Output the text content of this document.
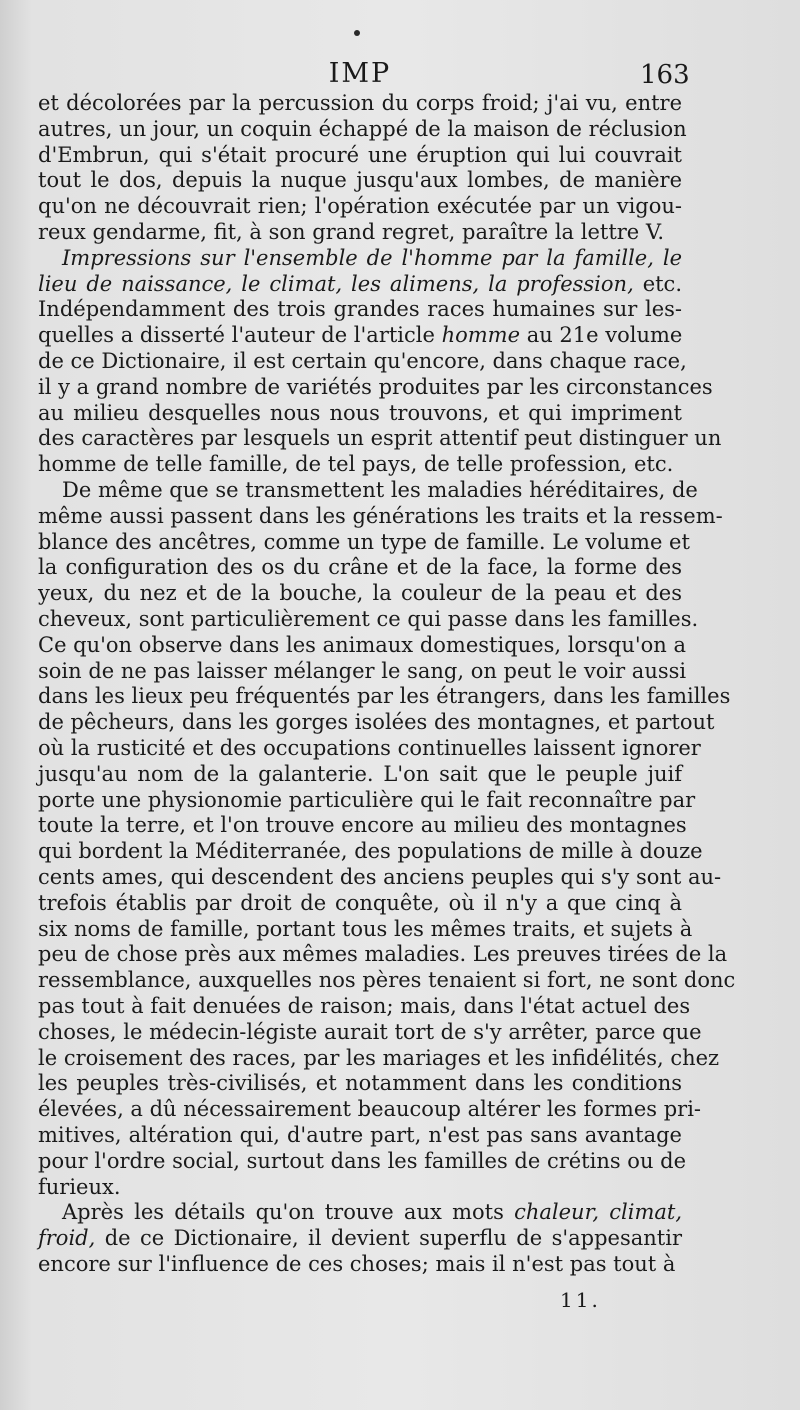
IMP	163
et décolorées par la percussion du corps froid; j'ai vu, entre
autres, un jour, un coquin échappé de la maison de réclusion
d'Embrun, qui s'était procuré une éruption qui lui couvrait
tout le dos, depuis la nuque jusqu'aux lombes, de manière
qu'on ne découvrait rien; l'opération exécutée par un vigou-
reux gendarme, fit, à son grand regret, paraître la lettre V.
Impressions sur l'ensemble de l'homme par la famille, le
lieu de naissance, le climat, les alimens, la profession, etc.
Indépendamment des trois grandes races humaines sur les-
quelles a disserté l'auteur de l'article homme au 21e volume
de ce Dictionaire, il est certain qu'encore, dans chaque race,
il y a grand nombre de variétés produites par les circonstances
au milieu desquelles nous nous trouvons, et qui impriment
des caractères par lesquels un esprit attentif peut distinguer un
homme de telle famille, de tel pays, de telle profession, etc.
De même que se transmettent les maladies héréditaires, de
même aussi passent dans les générations les traits et la ressem-
blance des ancêtres, comme un type de famille. Le volume et
la configuration des os du crâne et de la face, la forme des
yeux, du nez et de la bouche, la couleur de la peau et des
cheveux, sont particulièrement ce qui passe dans les familles.
Ce qu'on observe dans les animaux domestiques, lorsqu'on a
soin de ne pas laisser mélanger le sang, on peut le voir aussi
dans les lieux peu fréquentés par les étrangers, dans les familles
de pêcheurs, dans les gorges isolées des montagnes, et partout
où la rusticité et des occupations continuelles laissent ignorer
jusqu'au nom de la galanterie. L'on sait que le peuple juif
porte une physionomie particulière qui le fait reconnaître par
toute la terre, et l'on trouve encore au milieu des montagnes
qui bordent la Méditerranée, des populations de mille à douze
cents ames, qui descendent des anciens peuples qui s'y sont au-
trefois établis par droit de conquête, où il n'y a que cinq à
six noms de famille, portant tous les mêmes traits, et sujets à
peu de chose près aux mêmes maladies. Les preuves tirées de la
ressemblance, auxquelles nos pères tenaient si fort, ne sont donc
pas tout à fait denuées de raison; mais, dans l'état actuel des
choses, le médecin-légiste aurait tort de s'y arrêter, parce que
le croisement des races, par les mariages et les infidélités, chez
les peuples très-civilisés, et notamment dans les conditions
élevées, a dû nécessairement beaucoup altérer les formes pri-
mitives, altération qui, d'autre part, n'est pas sans avantage
pour l'ordre social, surtout dans les familles de crétins ou de
furieux.
Après les détails qu'on trouve aux mots chaleur, climat,
froid, de ce Dictionaire, il devient superflu de s'appesantir
encore sur l'influence de ces choses; mais il n'est pas tout à
11.
